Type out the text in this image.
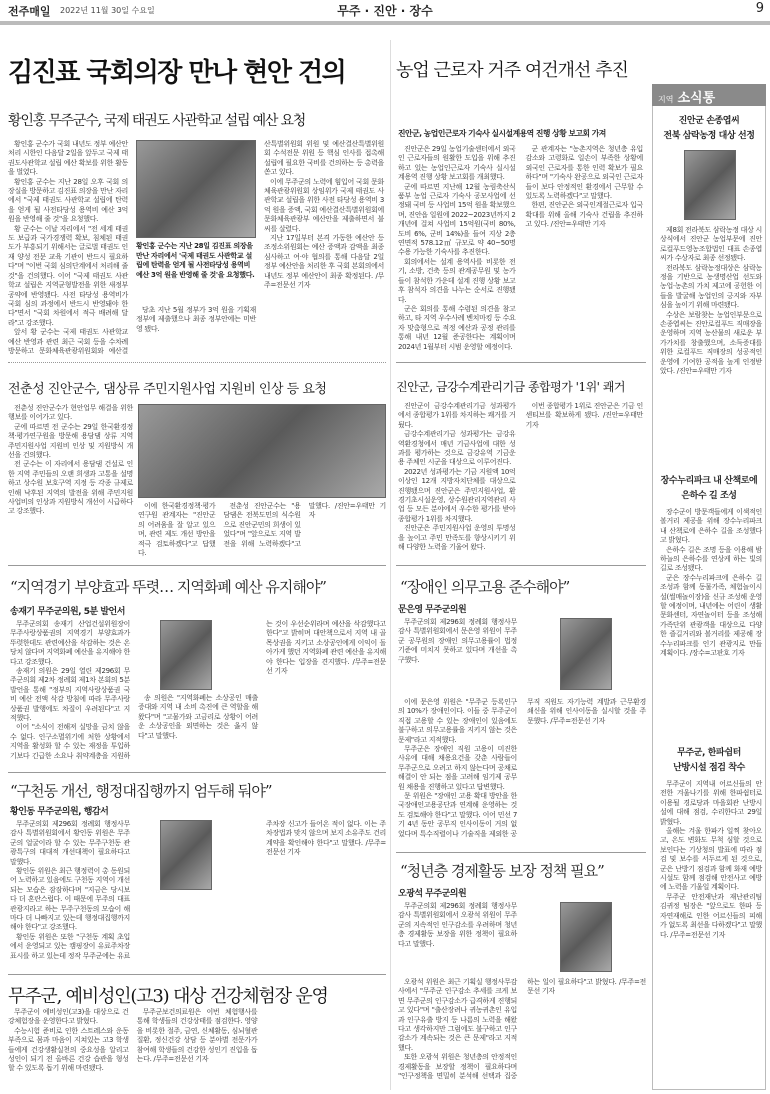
전주매일 2022년 11월 30일 수요일	무주 · 진안 · 장수	9
김진표 국회의장 만나 현안 건의
황인홍 무주군수, 국제 태권도 사관학교 설립 예산 요청

황인홍 군수가 국회 내년도 정부 예산안 처리 시한인 다음달 2일을 앞두고 국제 태권도사관학교 설립 예산 확보를 위한 활동을 벌였다.

황인홍 군수는 지난 28일 오후 국회 의장실을 방문하고 김진표 의장을 만난 자리에서 "국제 태권도 사관학교 설립에 탄력을 얻게 될 사전타당성 용역비 예산 3억 원을 반영해 줄 것"을 요청했다.

황 군수는 이날 자리에서 "전 세계 태권도 보급과 국가경쟁력 확보, 침체된 태권도가 부흥되기 위해서는 글로벌 태권도 인재 양성 전문 교육 기관이 반드시 필요하다"며 "이번 국회 심의단계에서 처리해 줄 것"을 건의했다. 이어 "국제 태권도 사관학교 설립은 지역균형발전을 위한 새정부 공약에 반영됐다. 사전 타당성 용역비가 국회 심의 과정에서 반드시 반영돼야 한다"면서 "국회 차원에서 적극 배려해 달라"고 강조했다.

앞서 황 군수는 국제 태권도 사관학교 예산 반영과 관련 최근 국회 등을 수차례 방문하고 문화체육관광위원회와 예산결산특별위원회 위원 및 예산결산특별위원회 수석전문 위원 등 핵심 인사를 접촉해 설립에 필요한 국비를 건의하는 등 총력을 쏟고 있다.

이에 무주군의 노력에 힘입어 국회 문화체육관광위원회 상임위가 국제 태권도 사관학교 설립을 위한 사전 타당성 용역비 3억 원을 증액, 국회 예산결산특별위원회에 문화체육관광부 예산안을 제출하면서 불씨를 살렸다.

지난 17일부터 본격 가동한 예산안 등조정소위원회는 예산 증액과 감액을 최종 심사하고 여·야 협의를 통해 다음달 2일 정부 예산안을 처리한 후 국회 본회의에서 내년도 정부 예산안이 최종 확정된다. /무주=전문선 기자

황인홍 군수는 지난 28일 김진표 의장을 만난 자리에서 '국제 태권도 사관학교 설립에 탄력을 얻게 될 사전타당성 용역비 예산 3억 원을 반영해 줄 것'을 요청했다.

당초 지난 5월 정부가 3억 원을 기획재정부에 제출했으나 최종 정부안에는 미반영 됐다.

농업 근로자 거주 여건개선 추진
진안군, 농업인근로자 기숙사 실시설계용역 진행 상황 보고회 가져

진안군은 29일 농업기술센터에서 외국인 근로자들의 원활한 도입을 위해 추진하고 있는 농업인근로자 기숙사 실시설계용역 진행 상황 보고회를 개최했다.

군에 따르면 지난해 12월 농림축산식품부 농업 근로자 기숙사 공모사업에 선정돼 국비 등 사업비 15억 원을 확보했으며, 진안읍 일원에 2022~2023년까지 2개년에 걸쳐 사업비 15억원(국비 80%, 도비 6%, 군비 14%)을 들여 지상 2층 연면적 578.12㎡ 규모로 약 40~50명 수용 가능한 기숙사를 추진한다.

회의에서는 설계 용역사를 비롯한 전기, 소방, 건축 등의 관계공무원 및 농가들이 참석한 가운데 설계 진행 상황 보고 후 참석자 의견을 나누는 순서로 진행됐다.

군은 회의를 통해 수렴된 의견을 참고하고, 타 지역 우수사례 벤치마킹 등 수요자 맞춤형으로 적정 예산과 공정 관리를 통해 내년 12월 준공한다는 계획이며 2024년 1월부터 시범 운영할 예정이다.

군 관계자는 "농촌지역은 청년층 유입 감소와 고령화로 일손이 부족한 상황에 외국인 근로자를 통한 인력 확보가 필요하다"며 "기숙사 완공으로 외국인 근로자들이 보다 안정적인 환경에서 근무할 수 있도록 노력하겠다"고 말했다.

한편, 진안군은 외국인계절근로자 입국 확대를 위해 올해 기숙사 건립을 추진하고 있다. /진안=우태만 기자

전춘성 진안군수, 댐상류 주민지원사업 지원비 인상 등 요청

전춘성 진안군수가 현안업무 해결을 위한 행보를 이어가고 있다.

군에 따르면 전 군수는 29일 한국환경정책·평가연구원을 방문해 용담댐 상류 지역 주민지원사업 지원비 인상 및 지원방식 개선을 건의했다.

전 군수는 이 자리에서 용담댐 건설로 인한 지역 주민들의 오랜 희생과 고통을 설명하고 상수원 보호구역 지정 등 각종 규제로 인해 낙후된 지역의 발전을 위해 주민지원사업비의 인상과 지원방식 개선이 시급하다고 강조했다.

이에 한국환경정책·평가연구원 관계자는 "진안군의 어려움을 잘 알고 있으며, 관련 제도 개선 방안을 적극 검토하겠다"고 답했다.

전춘성 진안군수는 "용담댐은 전북도민의 식수원으로 진안군민의 희생이 있었다"며 "앞으로도 지역 발전을 위해 노력하겠다"고 말했다. /진안=우태만 기자

진안군, 금강수계관리기금 종합평가 '1위' 쾌거

진안군이 금강수계관리기금 성과평가에서 종합평가 1위를 차지하는 쾌거를 거뒀다.

금강수계관리기금 성과평가는 금강유역환경청에서 매년 기금사업에 대한 성과를 평가하는 것으로 금강유역 기금운용 주체인 시군을 대상으로 이루어진다.

2022년 성과평가는 기금 지원액 10억 이상인 12개 지방자치단체를 대상으로 진행됐으며 진안군은 주민지원사업, 환경기초시설운영, 상수원관리지역관리 사업 등 모든 분야에서 우수한 평가를 받아 종합평가 1위를 차지했다.

진안군은 주민지원사업 운영의 투명성을 높이고 주민 만족도를 향상시키기 위해 다양한 노력을 기울여 왔다.

이번 종합평가 1위로 진안군은 기금 인센티브를 확보하게 됐다. /진안=우태만기자

“지역경기 부양효과 뚜렷… 지역화폐 예산 유지해야”
송재기 무주군의원, 5분 발언서

무주군의회 송재기 산업건설위원장이 무주사랑상품권의 지역경기 부양효과가 뚜렷한데도 관련예산을 삭감하는 것은 온당치 않다며 지역화폐 예산을 유지해야 한다고 강조했다.

송재기 의원은 29일 열린 제296회 무주군의회 제2차 정례회 제1차 본회의 5분 발언을 통해 "정부의 지역사랑상품권 국비 예산 전액 삭감 방침에 따라 무주사랑상품권 발행에도 차질이 우려된다"고 지적했다.

이어 "소식이 전해져 실망을 금치 않을 수 없다. 인구소멸위기에 처한 상황에서 지역을 활성화 할 수 있는 재정을 투입하기보다 긴급한 소요나 취약계층을 지원하는 것이 우선순위라며 예산을 삭감했다고 한다"고 밝히며 대안책으로서 지역 내 골목상권을 지키고 소상공인에게 이익이 돌아가게 했던 지역화폐 관련 예산을 유지해야 한다는 입장을 견지했다. /무주=전문선 기자

송 의원은 "지역화폐는 소상공인 매출 증대와 지역 내 소비 촉진에 큰 역할을 해왔다"며 "고물가와 고금리로 상황이 어려운 소상공인을 외면하는 것은 옳지 않다"고 말했다.

“장애인 의무고용 준수해야”
문은영 무주군의원

무주군의회 제296회 정례회 행정사무감사 특별위원회에서 문은영 위원이 무주군 공무원의 장애인 의무고용률이 법정 기준에 미치지 못하고 있다며 개선을 촉구했다.

이에 문은영 위원은 "무주군 등록인구의 10%가 장애인이다. 이들 중 무주군이 직접 고용할 수 있는 장애인이 있음에도 불구하고 의무고용률을 지키지 않는 것은 문제"라고 지적했다.

무주군은 장애인 직원 고용이 미진한 사유에 대해 채용요건을 갖춘 사람들이 무주군으로 오려고 하지 않는다며 공채로 해결이 안 되는 점을 고려해 임기제 공무원 채용을 진행하고 있다고 답변했다.

문 위원은 "장애인 고용 확대 방안을 한국장애인고용공단과 연계해 운영하는 것도 검토해야 한다"고 말했다. 이어 민선 7기 4년 동안 공무직 인사이동이 거의 없었다며 특수직렬이나 기술직을 제외한 공무직 직원도 자기능력 계발과 근무환경 쇄신을 위해 인사이동을 실시할 것을 주문했다. /무주=전문선 기자

“구천동 개선, 행정대집행까지 엄두해 둬야”
황인동 무주군의원, 행감서

무주군의회 제296회 정례회 행정사무감사 특별위원회에서 황인동 위원은 무주군의 얼굴이라 할 수 있는 무주구천동 관광특구의 대대적 개선대책이 필요하다고 말했다.

황인동 위원은 최근 행정력이 총 동원되어 노력하고 있음에도 구천동 지역이 개선되는 모습은 잠잠하다며 "지금은 당시보다 더 혼란스럽다. 이 때문에 무주의 대표관광지라고 하는 무주구천동의 모습이 해마다 더 나빠지고 있는데 행정대집행까지 해야 한다"고 강조했다.

황인동 위원은 또한 "구천동 계획 초입에서 운영되고 있는 캠핑장이 유료주차장 표시를 하고 있는데 정작 무주군에는 유료주차장 신고가 들어온 적이 없다. 이는 주차장법과 맞지 않으며 보지 소유주도 건리계약을 확인해야 한다"고 말했다. /무주=전문선 기자

“청년층 경제활동 보장 정책 필요”
오광석 무주군의원

무주군의회 제296회 정례회 행정사무감사 특별위원회에서 오광석 위원이 무주군의 지속적인 인구감소를 우려하며 청년층 경제활동 보장을 위한 정책이 필요하다고 말했다.

오광석 위원은 최근 기획실 행정사무감사에서 "무주군 인구감소 추세를 크게 보면 무주군의 인구감소가 급격하게 진행되고 있다"며 "출산장려나 귀농귀촌인 유입과 인구유출 방지 등 나름의 노력을 해왔다고 생각하지만 그럼에도 불구하고 인구감소가 계속되는 것은 큰 문제"라고 지적했다.

또한 오광석 위원은 청년층의 안정적인 경제활동을 보장할 정책이 필요하다며 "인구정책을 면밀히 분석해 선택과 집중하는 일이 필요하다"고 밝혔다. /무주=전문선 기자

무주군, 예비성인(고3) 대상 건강체험장 운영

무주군이 예비성인(고3)을 대상으로 건강체험장을 운영한다고 밝혔다.

수능시험 준비로 인한 스트레스와 운동부족으로 몸과 마음이 지쳐있는 고3 학생들에게 건강생활실천의 중요성을 알리고 성인이 되기 전 올바른 건강 습관을 형성할 수 있도록 돕기 위해 마련됐다.

무주군보건의료원은 이번 체험행사를 통해 학생들의 건강상태를 점검한다. 영양을 비롯한 절주, 금연, 신체활동, 심뇌혈관질환, 정신건강 상담 등 분야별 전문가가 참여해 학생들의 건강한 성인기 진입을 돕는다. /무주=전문선 기자

지역 소식통
진안군 손종엽씨
전북 삼락농정 대상 선정

제8회 전라북도 삼락농정 대상 시상식에서 진안군 농업부문에 진안로컬푸드영농조합법인 대표 손종엽씨가 수상자로 최종 선정됐다.

전라북도 삼락농정대상은 삼락농정을 기반으로 농생명산업 선도와 농업·농촌의 가치 제고에 공헌한 이들을 발굴해 농업인의 긍지와 자부심을 높이기 위해 마련됐다.

수상은 보람찾는 농업인부문으로 손종엽씨는 진안로컬푸드 직매장을 운영하며 지역 농산물의 새로운 부가가치를 창출했으며, 소득증대를 위한 로컬푸드 직매장의 성공적인 운영에 기여한 공적을 높게 인정받았다. /진안=우태만 기자

장수누리파크 내 산책로에
은하수 길 조성

장수군이 방문객들에게 이색적인 볼거리 제공을 위해 장수누리파크 내 산책로에 은하수 길을 조성했다고 밝혔다.

은하수 길은 조명 등을 이용해 밤하늘의 은하수를 연상케 하는 빛의 길로 조성됐다.

군은 장수누리파크에 은하수 길 조성과 함께 동물가족, 체험놀이시설(썰매놀이장)을 신규 조성해 운영할 예정이며, 내년에는 어린이 생활문화센터, 자연놀이터 등을 조성해 가족단위 관광객을 대상으로 다양한 즐길거리와 볼거리를 제공해 장수누리파크를 인기 관광지로 만들 계획이다. /장수=고판호 기자

무주군, 한파쉼터
난방시설 점검 착수

무주군이 지역내 어르신들의 안전한 겨울나기를 위해 한파쉼터로 이용될 경로당과 마을회관 난방시설에 대해 점검, 수리한다고 29일 밝혔다.

올해는 겨울 한파가 일찍 찾아오고, 온도 변화도 무척 심할 것으로 보인다는 기상청의 발표에 따라 점검 및 보수를 서두르게 된 것으로, 군은 난방기 점검과 함께 화재 예방 시설도 함께 점검해 안전사고 예방에 노력을 기울일 계획이다.

무주군 안전재난과 재난관리팀 김귀정 팀장은 "앞으로도 한파 등 자연재해로 인한 어르신들의 피해가 없도록 최선을 다하겠다"고 말했다. /무주=전문선 기자
